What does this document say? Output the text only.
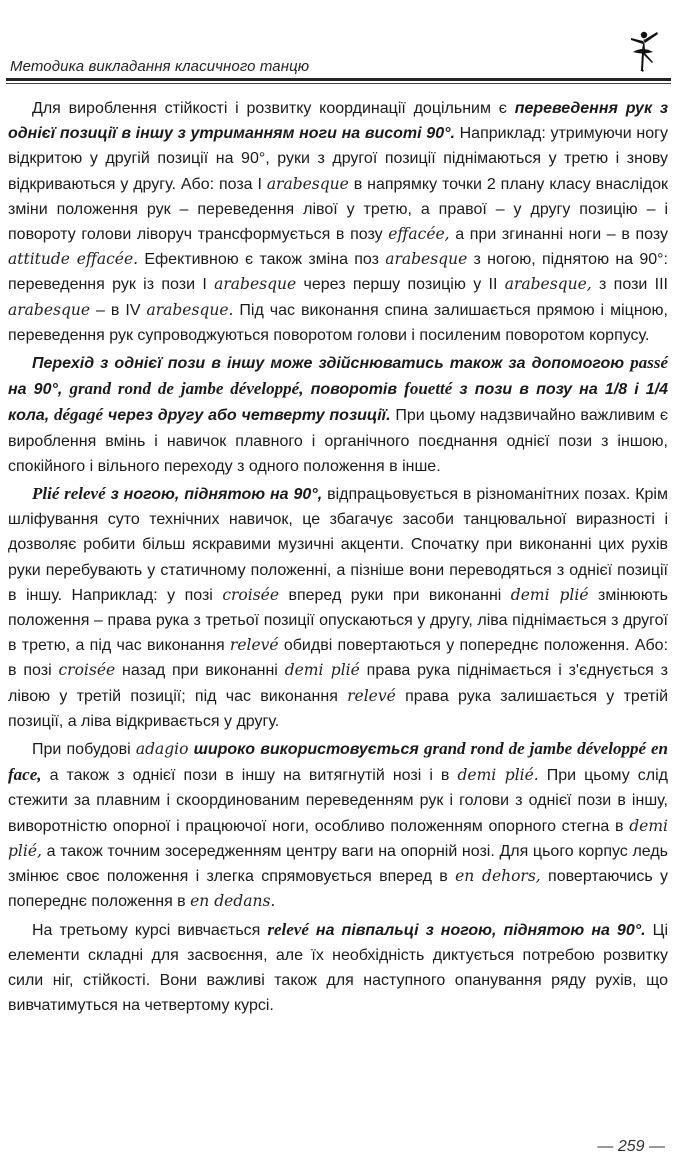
Методика викладання класичного танцю

Для вироблення стійкості і розвитку координації доцільним є переведення рук з однієї позиції в іншу з утриманням ноги на висоті 90°. Наприклад: утримуючи ногу відкритою у другій позиції на 90°, руки з другої позиції піднімаються у третю і знову відкриваються у другу. Або: поза І arabesque в напрямку точки 2 плану класу внаслідок зміни положення рук – переведення лівої у третю, а правої – у другу позицію – і повороту голови ліворуч трансформується в позу effacée, а при згинанні ноги – в позу attitude effacée. Ефективною є також зміна поз arabesque з ногою, піднятою на 90°: переведення рук із пози І arabesque через першу позицію у ІІ arabesque, з пози ІІІ arabesque – в ІV arabesque. Під час виконання спина залишається прямою і міцною, переведення рук супроводжуються поворотом голови і посиленим поворотом корпусу.

Перехід з однієї пози в іншу може здійснюватись також за допомогою passé на 90°, grand rond de jambe développé, поворотів fouetté з пози в позу на 1/8 і 1/4 кола, dégagé через другу або четверту позиції. При цьому надзвичайно важливим є вироблення вмінь і навичок плавного і органічного поєднання однієї пози з іншою, спокійного і вільного переходу з одного положення в інше.

Plié relevé з ногою, піднятою на 90°, відпрацьовується в різноманітних позах. Крім шліфування суто технічних навичок, це збагачує засоби танцювальної виразності і дозволяє робити більш яскравими музичні акценти. Спочатку при виконанні цих рухів руки перебувають у статичному положенні, а пізніше вони переводяться з однієї позиції в іншу. Наприклад: у позі croisée вперед руки при виконанні demi plié змінюють положення – права рука з третьої позиції опускаються у другу, ліва піднімається з другої в третю, а під час виконання relevé обидві повертаються у попереднє положення. Або: в позі croisée назад при виконанні demi plié права рука піднімається і з'єднується з лівою у третій позиції; під час виконання relevé права рука залишається у третій позиції, а ліва відкривається у другу.

При побудові adagio широко використовується grand rond de jambe développé en face, а також з однієї пози в іншу на витягнутій нозі і в demi plié. При цьому слід стежити за плавним і скоординованим переведенням рук і голови з однієї пози в іншу, виворотністю опорної і працюючої ноги, особливо положенням опорного стегна в demi plié, а також точним зосередженням центру ваги на опорній нозі. Для цього корпус ледь змінює своє положення і злегка спрямовується вперед в en dehors, повертаючись у попереднє положення в en dedans.

На третьому курсі вивчається relevé на півпальці з ногою, піднятою на 90°. Ці елементи складні для засвоєння, але їх необхідність диктується потребою розвитку сили ніг, стійкості. Вони важливі також для наступного опанування ряду рухів, що вивчатимуться на четвертому курсі.

— 259 —
